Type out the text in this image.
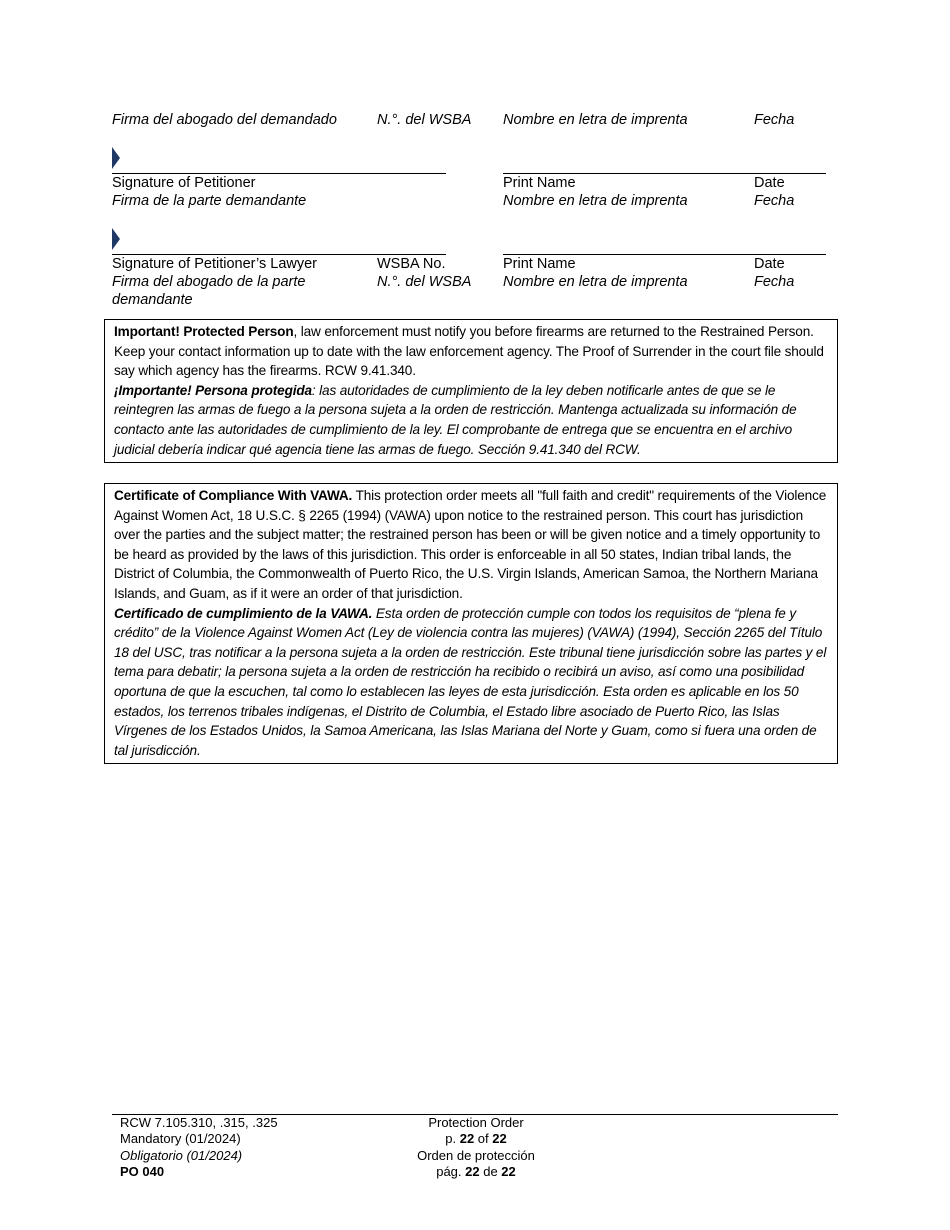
Firma del abogado del demandado	N.°. del WSBA Nombre en letra de imprenta	Fecha
Signature of Petitioner
Firma de la parte demandante
Print Name
Nombre en letra de imprenta
Date
Fecha
Signature of Petitioner’s Lawyer
Firma del abogado de la parte
demandante
WSBA No.
N.°. del WSBA
Print Name
Nombre en letra de imprenta
Date
Fecha

Important! Protected Person, law enforcement must notify you before firearms are returned to the Restrained Person. Keep your contact information up to date with the law enforcement agency. The Proof of Surrender in the court file should say which agency has the firearms. RCW 9.41.340.

¡Importante! Persona protegida: las autoridades de cumplimiento de la ley deben notificarle antes de que se le reintegren las armas de fuego a la persona sujeta a la orden de restricción. Mantenga actualizada su información de contacto ante las autoridades de cumplimiento de la ley. El comprobante de entrega que se encuentra en el archivo judicial debería indicar qué agencia tiene las armas de fuego. Sección 9.41.340 del RCW.

Certificate of Compliance With VAWA. This protection order meets all "full faith and credit" requirements of the Violence Against Women Act, 18 U.S.C. § 2265 (1994) (VAWA) upon notice to the restrained person. This court has jurisdiction over the parties and the subject matter; the restrained person has been or will be given notice and a timely opportunity to be heard as provided by the laws of this jurisdiction. This order is enforceable in all 50 states, Indian tribal lands, the District of Columbia, the Commonwealth of Puerto Rico, the U.S. Virgin Islands, American Samoa, the Northern Mariana Islands, and Guam, as if it were an order of that jurisdiction.

Certificado de cumplimiento de la VAWA. Esta orden de protección cumple con todos los requisitos de “plena fe y crédito” de la Violence Against Women Act (Ley de violencia contra las mujeres) (VAWA) (1994), Sección 2265 del Título 18 del USC, tras notificar a la persona sujeta a la orden de restricción. Este tribunal tiene jurisdicción sobre las partes y el tema para debatir; la persona sujeta a la orden de restricción ha recibido o recibirá un aviso, así como una posibilidad oportuna de que la escuchen, tal como lo establecen las leyes de esta jurisdicción. Esta orden es aplicable en los 50 estados, los terrenos tribales indígenas, el Distrito de Columbia, el Estado libre asociado de Puerto Rico, las Islas Vírgenes de los Estados Unidos, la Samoa Americana, las Islas Mariana del Norte y Guam, como si fuera una orden de tal jurisdicción.

RCW 7.105.310, .315, .325
Mandatory (01/2024)
Obligatorio (01/2024)
PO 040
Protection Order
p. 22 of 22
Orden de protección
pág. 22 de 22
